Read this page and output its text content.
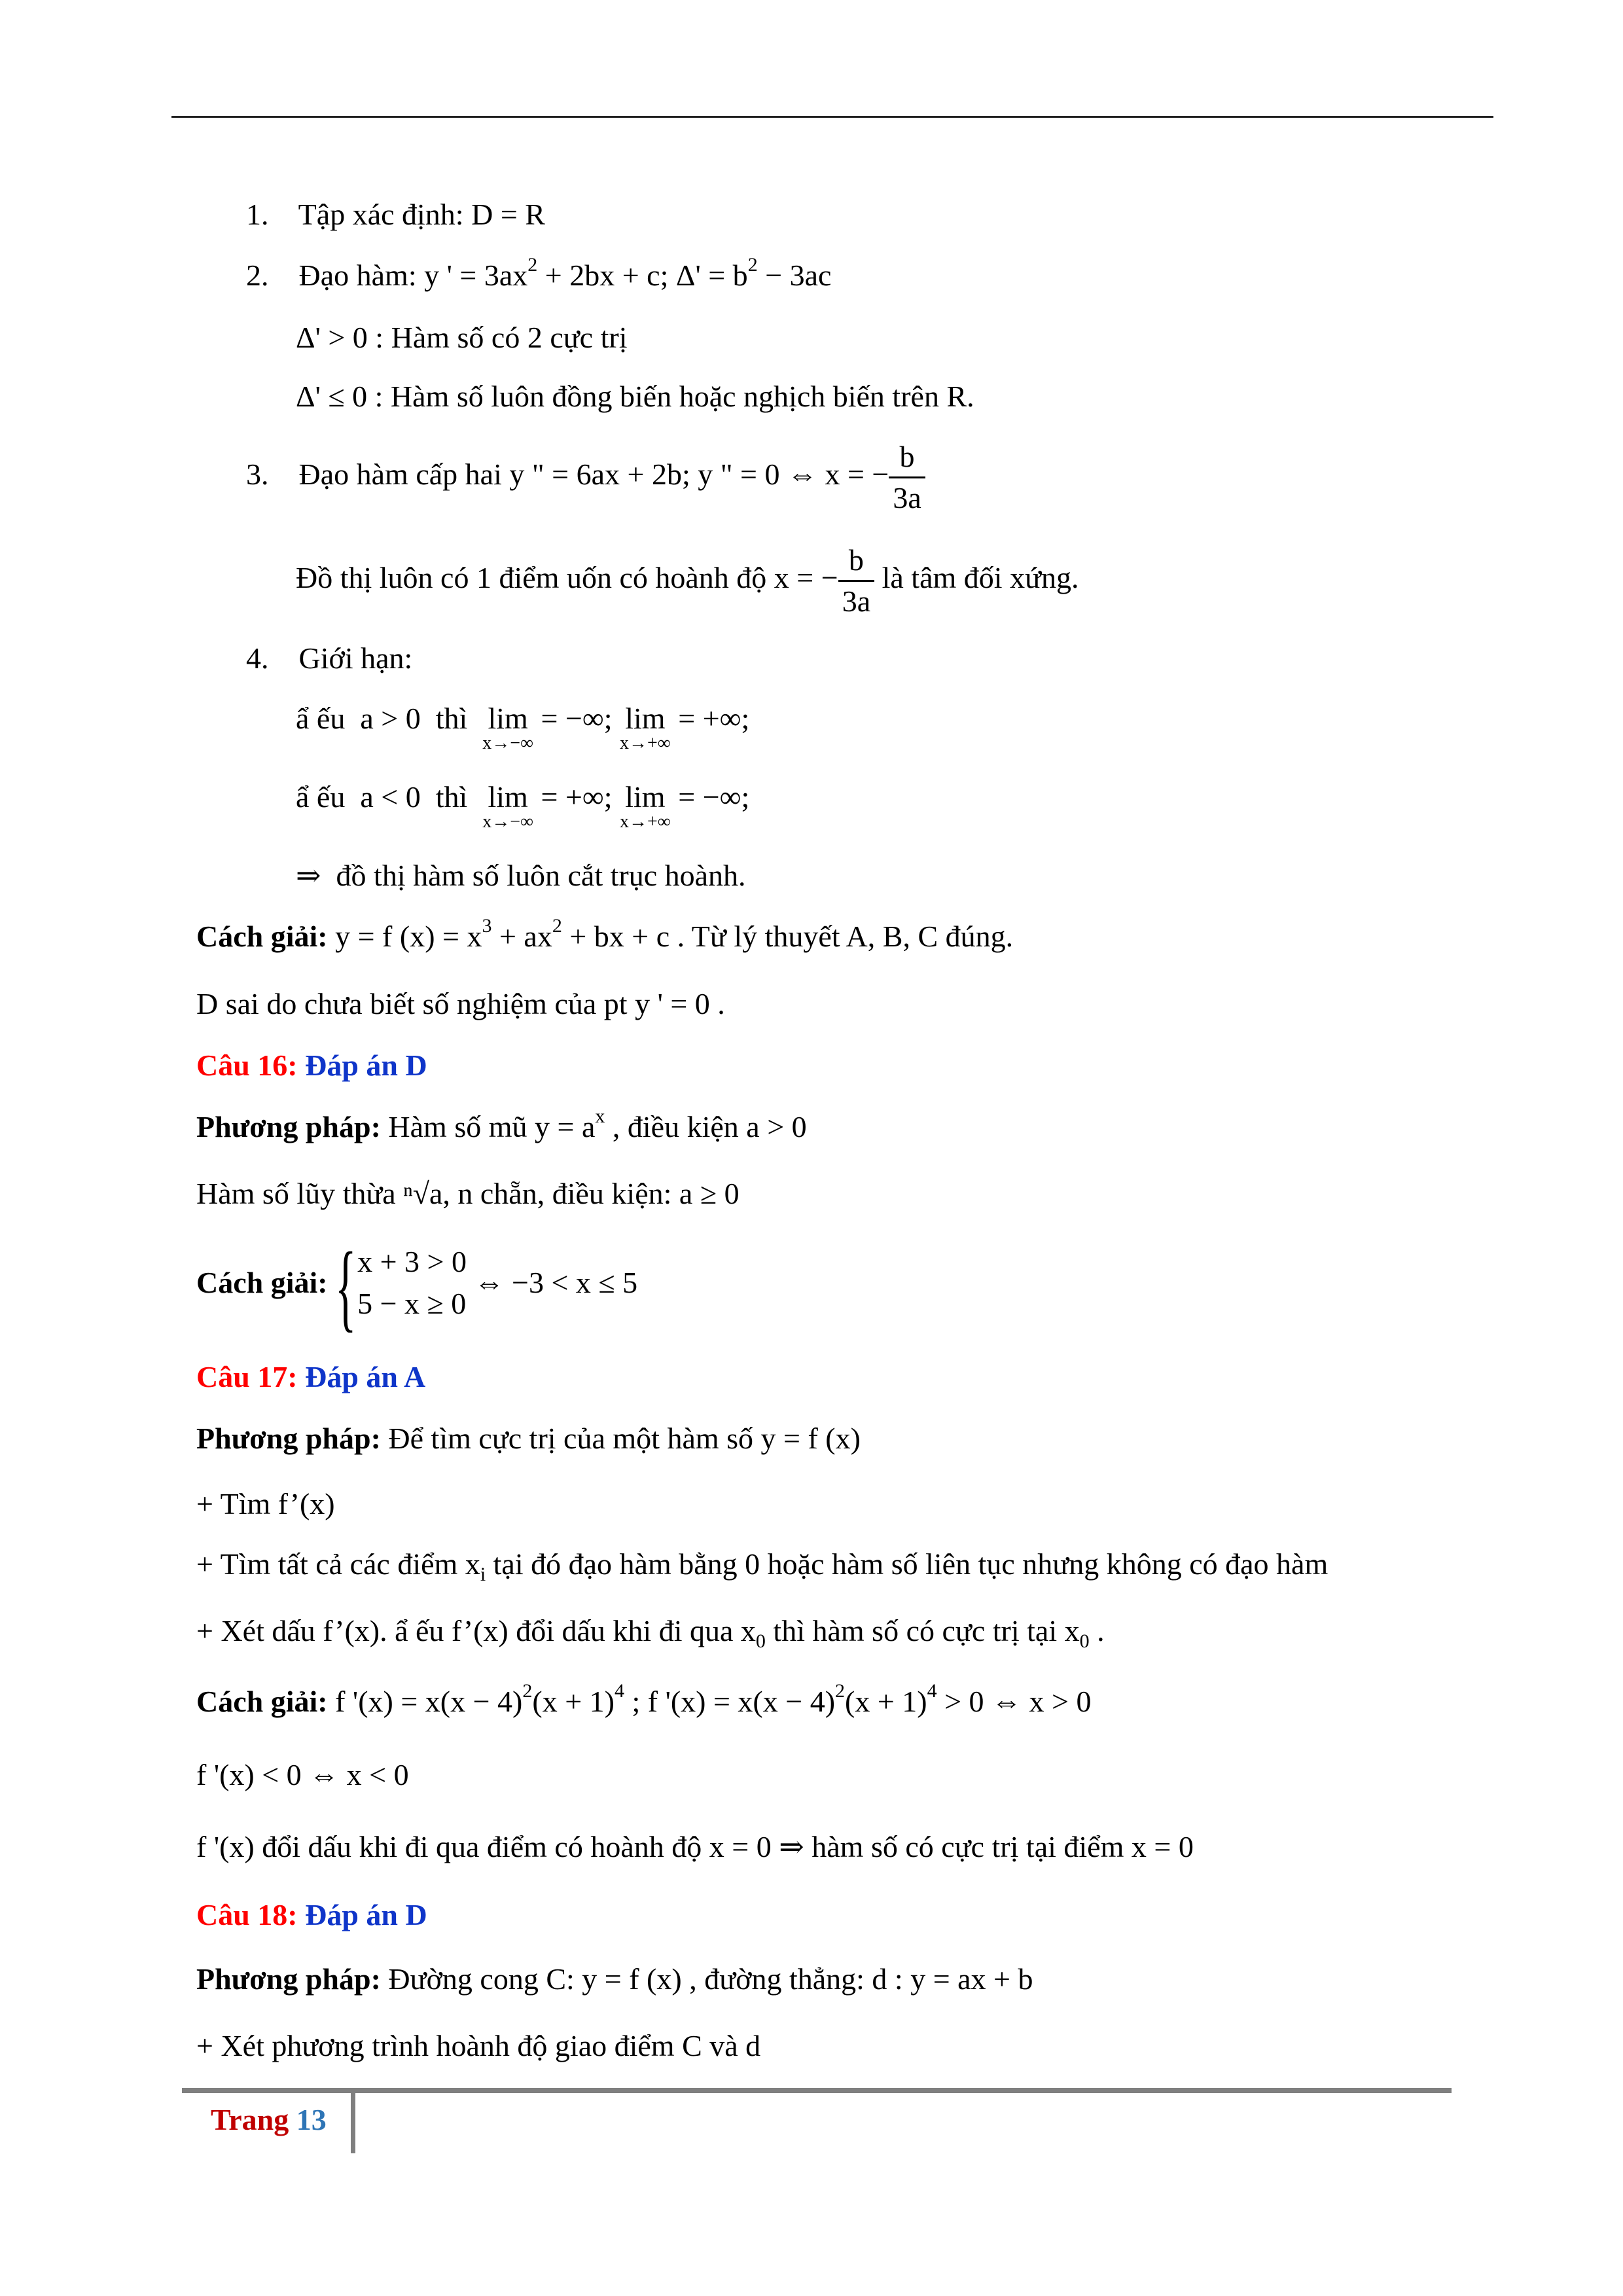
1. Tập xác định: D = R
2. Đạo hàm: y ' = $3ax^2 + 2bx + c$; $\Delta' = b^2 - 3ac$
Δ' > 0 : Hàm số có 2 cực trị
Δ' ≤ 0 : Hàm số luôn đồng biến hoặc nghịch biến trên R.
3. Đạo hàm cấp hai y " = 6ax + 2b; y " = 0 ⇔ x = − $\frac{b}{3a}$
Đồ thị luôn có 1 điểm uốn có hoành độ x = − $\frac{b}{3a}$ là tâm đối xứng.
4. Giới hạn:
ẩ ếu a > 0 thì lim
x→−∞
= −∞; lim
x→+∞
= +∞;
ẩ ếu a < 0 thì lim
x→−∞
= +∞; lim
x→+∞
= −∞;
⇒ đồ thị hàm số luôn cắt trục hoành.
Cách giải: y = f $(x) = x^3 + ax^2$ + bx + c . Từ lý thuyết A, B, C đúng.
D sai do chưa biết số nghiệm của pt y ' = 0 .
Câu 16: Đáp án D
Phương pháp: Hàm số mũ $y = a^x$ , điều kiện a > 0
Hàm số lũy thừa ⁿ√a, n chẵn, điều kiện: a ≥ 0
Cách giải: { x + 3 > 0
5 − x ≥ 0
⇔ −3 < x ≤ 5
Câu 17: Đáp án A
Phương pháp: Để tìm cực trị của một hàm số y = f (x)
+ Tìm f’(x)
+ Tìm tất cả các điểm $x_i$ tại đó đạo hàm bằng 0 hoặc hàm số liên tục nhưng không có đạo hàm
+ Xét dấu f’(x). ẩ ếu f’(x) đổi dấu khi đi qua $x_0$ thì hàm số có cực trị tại $x_0$ .
Cách giải: f '$(x) = x(x - 4)^2(x + 1)^4$ ; f '$(x) = x(x - 4)^2(x + 1)^4 > 0$ ⇔ x > 0
f '(x) < 0 ⇔ x < 0
f '(x) đổi dấu khi đi qua điểm có hoành độ x = 0 ⇒ hàm số có cực trị tại điểm x = 0
Câu 18: Đáp án D
Phương pháp: Đường cong C: y = f (x) , đường thẳng: d : y = ax + b
+ Xét phương trình hoành độ giao điểm C và d
Trang 13
